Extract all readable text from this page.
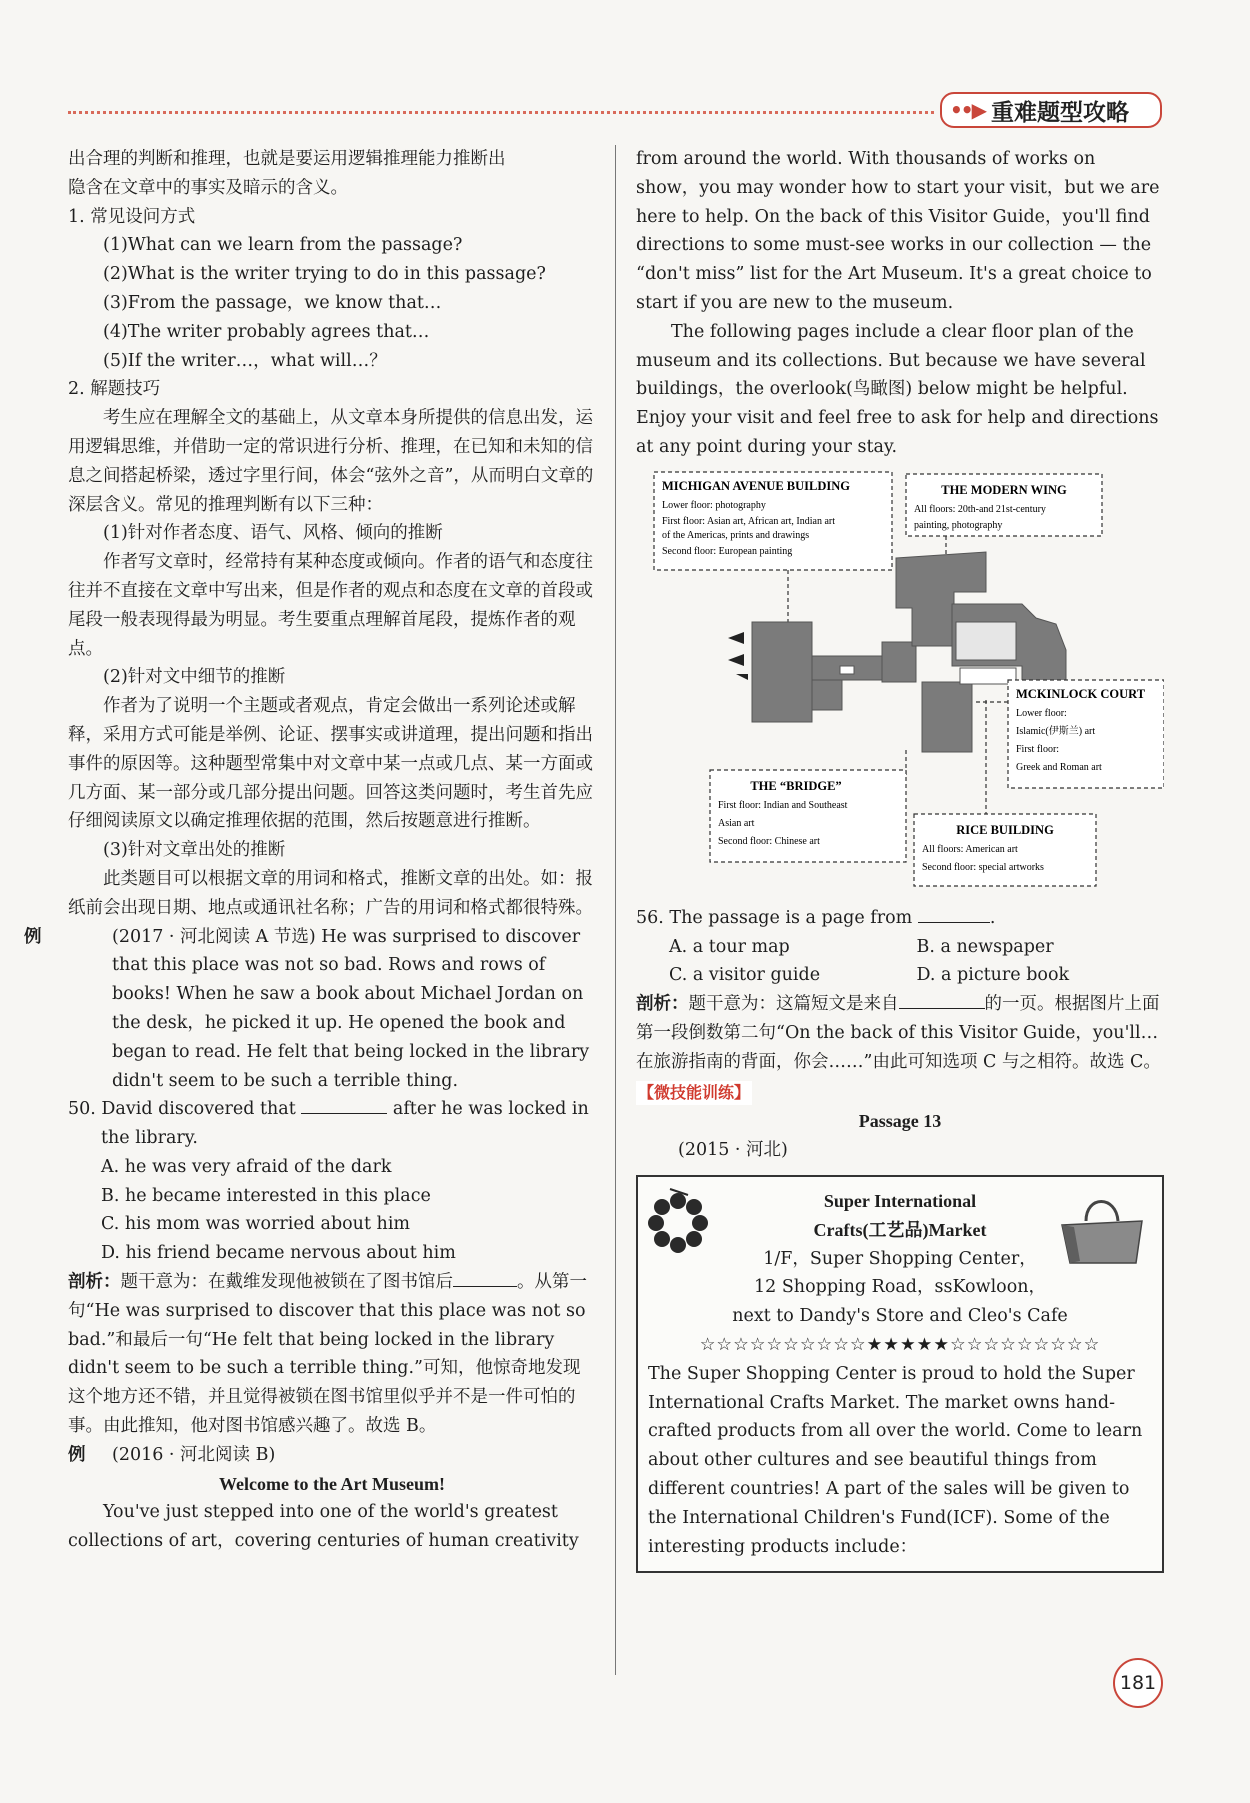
••▶ 重难题型攻略

出合理的判断和推理，也就是要运用逻辑推理能力推断出

隐含在文章中的事实及暗示的含义。

1. 常见设问方式

(1)What can we learn from the passage?

(2)What is the writer trying to do in this passage?

(3)From the passage，we know that…

(4)The writer probably agrees that…

(5)If the writer…，what will…？

2. 解题技巧

考生应在理解全文的基础上，从文章本身所提供的信息出发，运用逻辑思维，并借助一定的常识进行分析、推理，在已知和未知的信息之间搭起桥梁，透过字里行间，体会“弦外之音”，从而明白文章的深层含义。常见的推理判断有以下三种：

(1)针对作者态度、语气、风格、倾向的推断

作者写文章时，经常持有某种态度或倾向。作者的语气和态度往往并不直接在文章中写出来，但是作者的观点和态度在文章的首段或尾段一般表现得最为明显。考生要重点理解首尾段，提炼作者的观点。

(2)针对文中细节的推断

作者为了说明一个主题或者观点，肯定会做出一系列论述或解释，采用方式可能是举例、论证、摆事实或讲道理，提出问题和指出事件的原因等。这种题型常集中对文章中某一点或几点、某一方面或几方面、某一部分或几部分提出问题。回答这类问题时，考生首先应仔细阅读原文以确定推理依据的范围，然后按题意进行推断。

(3)针对文章出处的推断

此类题目可以根据文章的用词和格式，推断文章的出处。如：报纸前会出现日期、地点或通讯社名称；广告的用词和格式都很特殊。

例	(2017 · 河北阅读 A 节选) He was surprised to discover that this place was not so bad. Rows and rows of books! When he saw a book about Michael Jordan on the desk，he picked it up. He opened the book and began to read. He felt that being locked in the library didn't seem to be such a terrible thing.

50. David discovered that	after he was locked in the library.

A. he was very afraid of the dark

B. he became interested in this place

C. his mom was worried about him

D. his friend became nervous about him

剖析：题干意为：在戴维发现他被锁在了图书馆后	。从第一句“He was surprised to discover that this place was not so bad.”和最后一句“He felt that being locked in the library didn't seem to be such a terrible thing.”可知，他惊奇地发现这个地方还不错，并且觉得被锁在图书馆里似乎并不是一件可怕的事。由此推知，他对图书馆感兴趣了。故选 B。

例 (2016 · 河北阅读 B)

Welcome to the Art Museum!

You've just stepped into one of the world's greatest collections of art，covering centuries of human creativity

from around the world. With thousands of works on show，you may wonder how to start your visit，but we are here to help. On the back of this Visitor Guide，you'll find directions to some must-see works in our collection — the “don't miss” list for the Art Museum. It's a great choice to start if you are new to the museum.

The following pages include a clear floor plan of the museum and its collections. But because we have several buildings，the overlook(鸟瞰图) below might be helpful. Enjoy your visit and feel free to ask for help and directions at any point during your stay.

MICHIGAN AVENUE BUILDING
Lower floor: photography
First floor: Asian art, African art, Indian art
of the Americas, prints and drawings
Second floor: European painting
THE MODERN WING
All floors: 20th-and 21st-century
painting, photography
MCKINLOCK COURT
Lower floor:
Islamic(伊斯兰) art
First floor:
Greek and Roman art
THE “BRIDGE”
First floor: Indian and Southeast
Asian art
Second floor: Chinese art
RICE BUILDING
All floors: American art
Second floor: special artworks

56. The passage is a page from	.

A. a tour map	B. a newspaper
C. a visitor guide	D. a picture book

剖析：题干意为：这篇短文是来自	的一页。根据图片上面第一段倒数第二句“On the back of this Visitor Guide，you'll…在旅游指南的背面，你会……”由此可知选项 C 与之相符。故选 C。

【微技能训练】

Passage 13

(2015 · 河北)

Super International

Crafts(工艺品)Market

1/F，Super Shopping Center，

12 Shopping Road，ssKowloon，

next to Dandy's Store and Cleo's Cafe

☆☆☆☆☆☆☆☆☆☆★★★★★☆☆☆☆☆☆☆☆☆

The Super Shopping Center is proud to hold the Super International Crafts Market. The market owns hand-crafted products from all over the world. Come to learn about other cultures and see beautiful things from different countries! A part of the sales will be given to the International Children's Fund(ICF). Some of the interesting products include：

181
